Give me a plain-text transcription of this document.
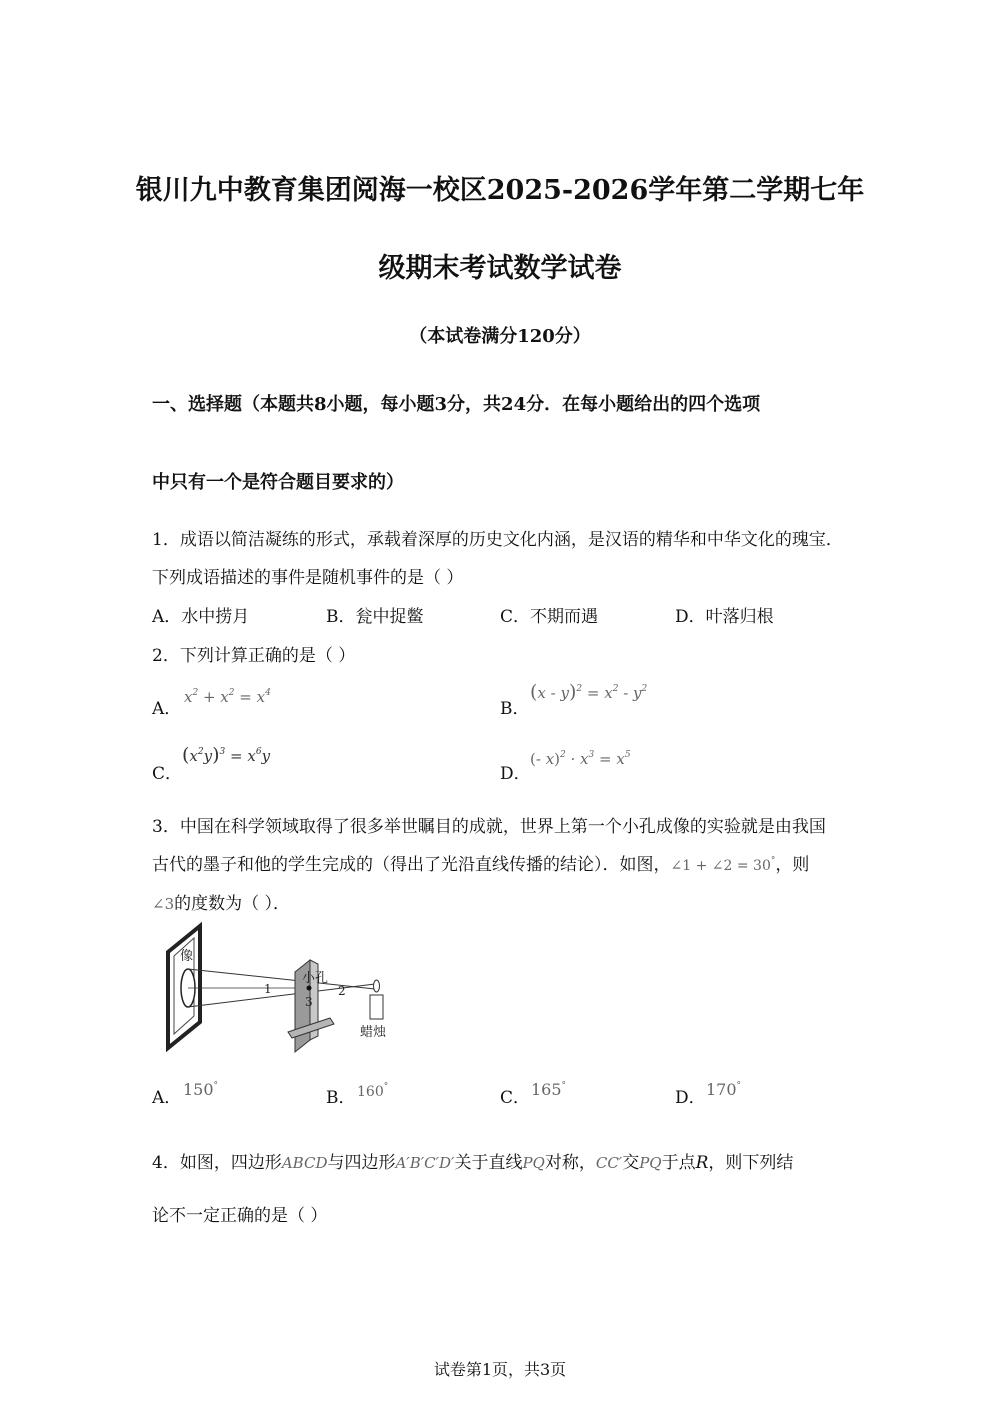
银川九中教育集团阅海一校区2025-2026学年第二学期七年
级期末考试数学试卷
（本试卷满分120分）
一、选择题（本题共8小题，每小题3分，共24分．在每小题给出的四个选项
中只有一个是符合题目要求的）
1．成语以简洁凝练的形式，承载着深厚的历史文化内涵，是汉语的精华和中华文化的瑰宝．
下列成语描述的事件是随机事件的是（ ）
A．水中捞月	B．瓮中捉鳖	C．不期而遇	D．叶落归根
2．下列计算正确的是（ ）
A．
$x^2 + x^2 = x^4$
B．
$(x - y)^2 = x^2 - y^2$
C．
$(x^2y)^3 = x^6y$
D．
(- $x)^2 \cdot x^3 = x^5$
3．中国在科学领域取得了很多举世瞩目的成就，世界上第一个小孔成像的实验就是由我国
古代的墨子和他的学生完成的（得出了光沿直线传播的结论）．如图，∠1 + ∠2 = 30°，则
∠3的度数为（ ）．
像
小孔
1	2
3
蜡烛
A． 150°
B． 160°
C． 165°
D． 170°
4．如图，四边形ABCD与四边形A′B′C′D′关于直线PQ对称，CC′交PQ于点R，则下列结
论不一定正确的是（ ）
试卷第1页，共3页
